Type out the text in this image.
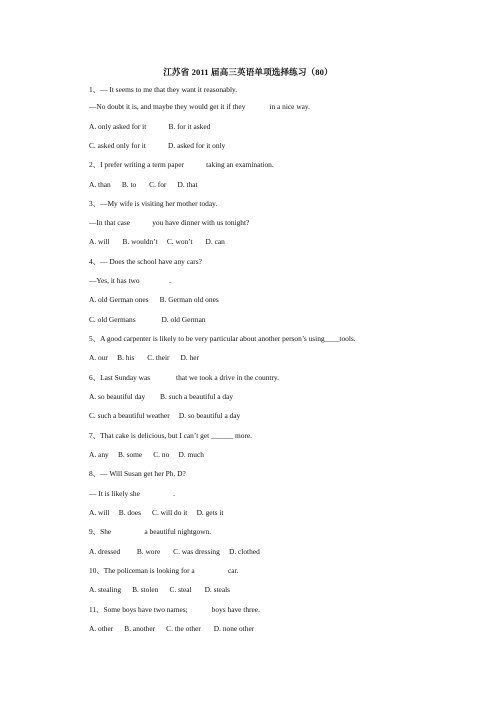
江苏省 2011 届高三英语单项选择练习（80）
1、— It seems to me that they want it reasonably.
—No doubt it is, and maybe they would get it if they             in a nice way.
A. only asked for it            B. for it asked
C. asked only for it            D. asked for it only
2、I prefer writing a term paper            taking an examination.
A. than      B. to       C. for      D. that
3、—My wife is visiting her mother today.
—In that case            you have dinner with us tonight?
A. will       B. wouldn’t     C. won’t       D. can
4、— Does the school have any cars?
—Yes, it has two                .
A. old German ones      B. German old ones
C. old Germans              D. old German
5、A good carpenter is likely to be very particular about another person’s using____tools.
A. our     B. his       C. their      D. her
6、Last Sunday was              that we took a drive in the country.
A. so beautiful day        B. such a beautiful a day
C. such a beautiful weather     D. so beautiful a day
7、That cake is delicious, but I can’t get ______ more.
A. any     B. some      C. no     D. much
8、— Will Susan get her Ph. D?
— It is likely she                  .
A. will     B. does      C. will do it     D. gets it
9、She                  a beautiful nightgown.
A. dressed         B. wore       C. was dressing     D. clothed
10、The policeman is looking for a                  car.
A. stealing      B. stolen      C. steal       D. steals
11、Some boys have two names;             boys have three.
A. other      B. another      C. the other       D. none other
